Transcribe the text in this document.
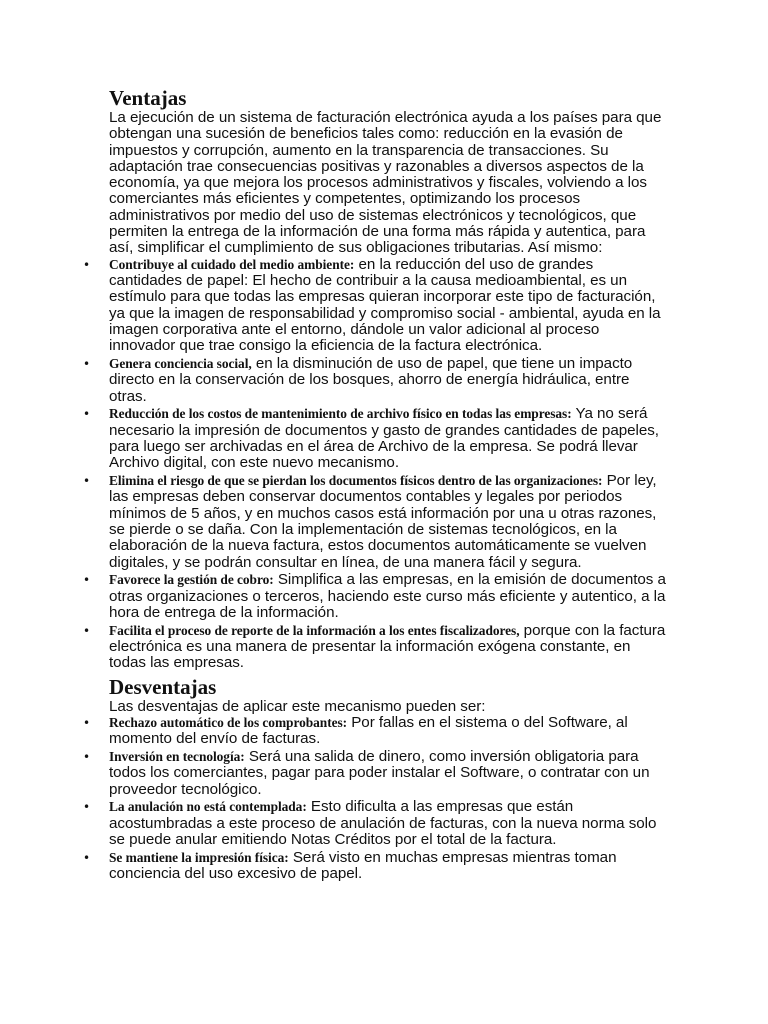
Ventajas

La ejecución de un sistema de facturación electrónica ayuda a los países para que obtengan una sucesión de beneficios tales como: reducción en la evasión de impuestos y corrupción, aumento en la transparencia de transacciones. Su adaptación trae consecuencias positivas y razonables a diversos aspectos de la economía, ya que mejora los procesos administrativos y fiscales, volviendo a los comerciantes más eficientes y competentes, optimizando los procesos administrativos por medio del uso de sistemas electrónicos y tecnológicos, que permiten la entrega de la información de una forma más rápida y autentica, para así, simplificar el cumplimiento de sus obligaciones tributarias. Así mismo:

• Contribuye al cuidado del medio ambiente: en la reducción del uso de grandes cantidades de papel: El hecho de contribuir a la causa medioambiental, es un estímulo para que todas las empresas quieran incorporar este tipo de facturación, ya que la imagen de responsabilidad y compromiso social - ambiental, ayuda en la imagen corporativa ante el entorno, dándole un valor adicional al proceso innovador que trae consigo la eficiencia de la factura electrónica.
• Genera conciencia social, en la disminución de uso de papel, que tiene un impacto directo en la conservación de los bosques, ahorro de energía hidráulica, entre otras.
• Reducción de los costos de mantenimiento de archivo físico en todas las empresas: Ya no será necesario la impresión de documentos y gasto de grandes cantidades de papeles, para luego ser archivadas en el área de Archivo de la empresa. Se podrá llevar Archivo digital, con este nuevo mecanismo.
• Elimina el riesgo de que se pierdan los documentos físicos dentro de las organizaciones: Por ley, las empresas deben conservar documentos contables y legales por periodos mínimos de 5 años, y en muchos casos está información por una u otras razones, se pierde o se daña. Con la implementación de sistemas tecnológicos, en la elaboración de la nueva factura, estos documentos automáticamente se vuelven digitales, y se podrán consultar en línea, de una manera fácil y segura.
• Favorece la gestión de cobro: Simplifica a las empresas, en la emisión de documentos a otras organizaciones o terceros, haciendo este curso más eficiente y autentico, a la hora de entrega de la información.
• Facilita el proceso de reporte de la información a los entes fiscalizadores, porque con la factura electrónica es una manera de presentar la información exógena constante, en todas las empresas.
Desventajas

Las desventajas de aplicar este mecanismo pueden ser:

• Rechazo automático de los comprobantes: Por fallas en el sistema o del Software, al momento del envío de facturas.
• Inversión en tecnología: Será una salida de dinero, como inversión obligatoria para todos los comerciantes, pagar para poder instalar el Software, o contratar con un proveedor tecnológico.
• La anulación no está contemplada: Esto dificulta a las empresas que están acostumbradas a este proceso de anulación de facturas, con la nueva norma solo se puede anular emitiendo Notas Créditos por el total de la factura.
• Se mantiene la impresión física: Será visto en muchas empresas mientras toman conciencia del uso excesivo de papel.
